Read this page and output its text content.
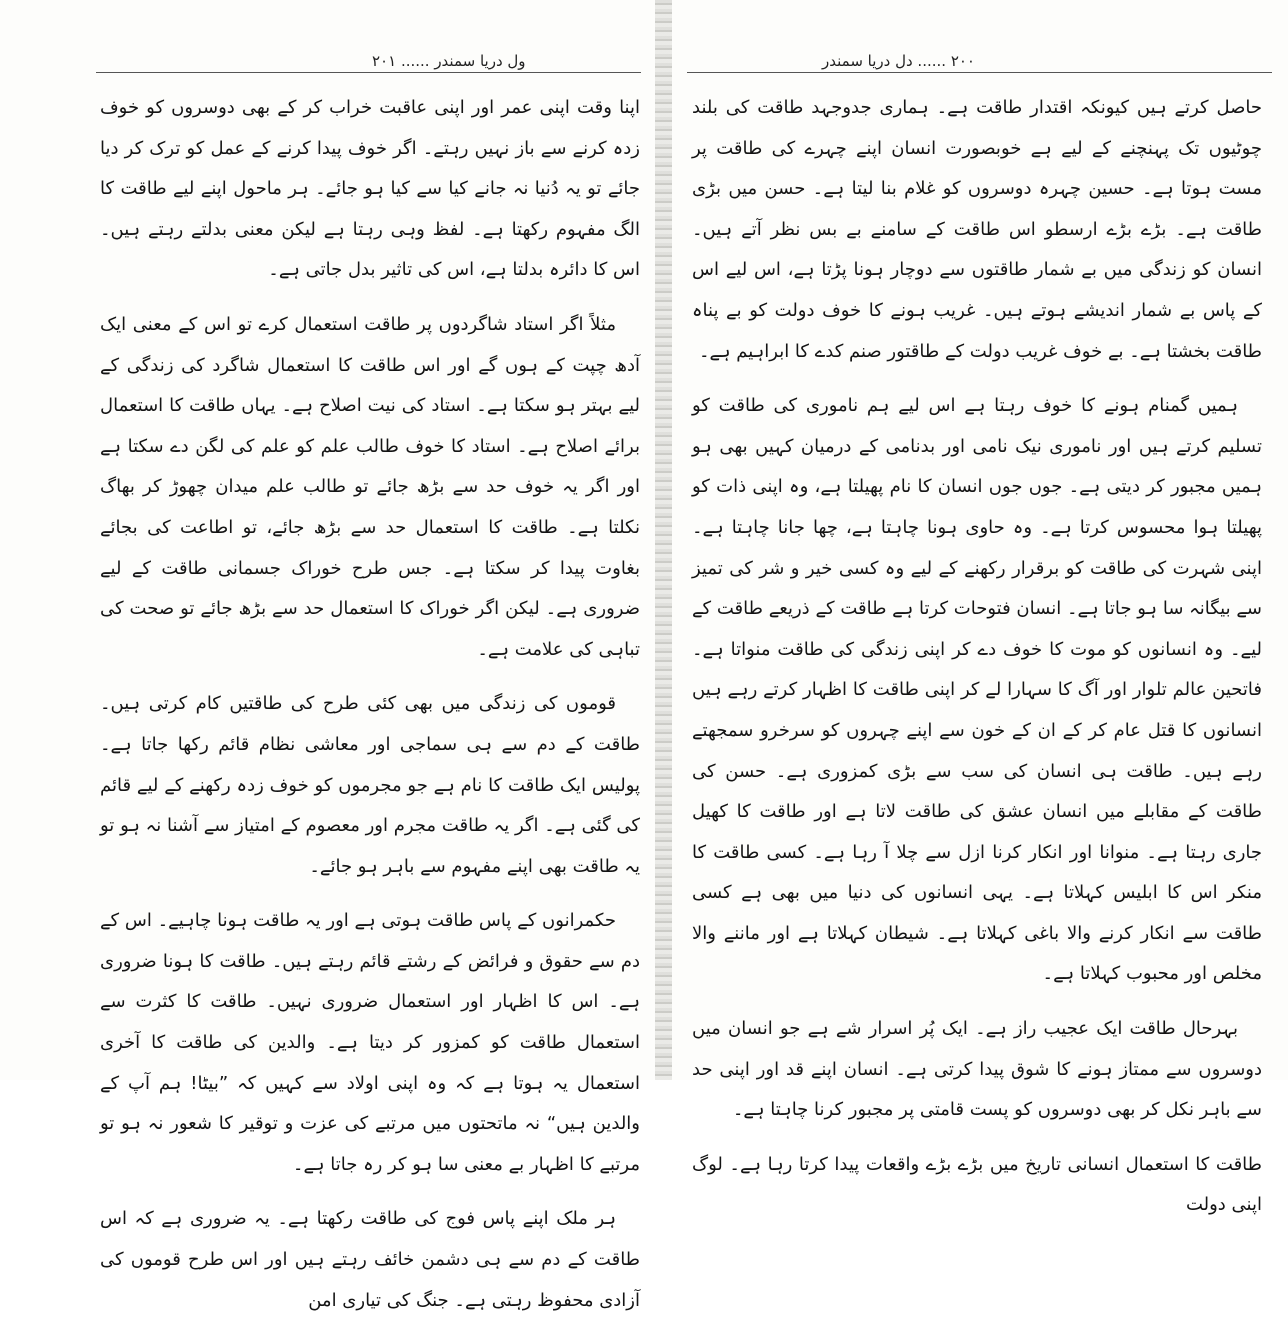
ول دریا سمندر ...... ۲۰۱

اپنا وقت اپنی عمر اور اپنی عاقبت خراب کر کے بھی دوسروں کو خوف زدہ کرنے سے باز نہیں رہتے۔ اگر خوف پیدا کرنے کے عمل کو ترک کر دیا جائے تو یہ دُنیا نہ جانے کیا سے کیا ہو جائے۔ ہر ماحول اپنے لیے طاقت کا الگ مفہوم رکھتا ہے۔ لفظ وہی رہتا ہے لیکن معنی بدلتے رہتے ہیں۔ اس کا دائرہ بدلتا ہے، اس کی تاثیر بدل جاتی ہے۔

مثلاً اگر استاد شاگردوں پر طاقت استعمال کرے تو اس کے معنی ایک آدھ چپت کے ہوں گے اور اس طاقت کا استعمال شاگرد کی زندگی کے لیے بہتر ہو سکتا ہے۔ استاد کی نیت اصلاح ہے۔ یہاں طاقت کا استعمال برائے اصلاح ہے۔ استاد کا خوف طالب علم کو علم کی لگن دے سکتا ہے اور اگر یہ خوف حد سے بڑھ جائے تو طالب علم میدان چھوڑ کر بھاگ نکلتا ہے۔ طاقت کا استعمال حد سے بڑھ جائے، تو اطاعت کی بجائے بغاوت پیدا کر سکتا ہے۔ جس طرح خوراک جسمانی طاقت کے لیے ضروری ہے۔ لیکن اگر خوراک کا استعمال حد سے بڑھ جائے تو صحت کی تباہی کی علامت ہے۔

قوموں کی زندگی میں بھی کئی طرح کی طاقتیں کام کرتی ہیں۔ طاقت کے دم سے ہی سماجی اور معاشی نظام قائم رکھا جاتا ہے۔ پولیس ایک طاقت کا نام ہے جو مجرموں کو خوف زدہ رکھنے کے لیے قائم کی گئی ہے۔ اگر یہ طاقت مجرم اور معصوم کے امتیاز سے آشنا نہ ہو تو یہ طاقت بھی اپنے مفہوم سے باہر ہو جائے۔

حکمرانوں کے پاس طاقت ہوتی ہے اور یہ طاقت ہونا چاہیے۔ اس کے دم سے حقوق و فرائض کے رشتے قائم رہتے ہیں۔ طاقت کا ہونا ضروری ہے۔ اس کا اظہار اور استعمال ضروری نہیں۔ طاقت کا کثرت سے استعمال طاقت کو کمزور کر دیتا ہے۔ والدین کی طاقت کا آخری استعمال یہ ہوتا ہے کہ وہ اپنی اولاد سے کہیں کہ ”بیٹا! ہم آپ کے والدین ہیں“ نہ ماتحتوں میں مرتبے کی عزت و توقیر کا شعور نہ ہو تو مرتبے کا اظہار بے معنی سا ہو کر رہ جاتا ہے۔

ہر ملک اپنے پاس فوج کی طاقت رکھتا ہے۔ یہ ضروری ہے کہ اس طاقت کے دم سے ہی دشمن خائف رہتے ہیں اور اس طرح قوموں کی آزادی محفوظ رہتی ہے۔ جنگ کی تیاری امن

۲۰۰ ...... دل دریا سمندر

حاصل کرتے ہیں کیونکہ اقتدار طاقت ہے۔ ہماری جدوجہد طاقت کی بلند چوٹیوں تک پہنچنے کے لیے ہے خوبصورت انسان اپنے چہرے کی طاقت پر مست ہوتا ہے۔ حسین چہرہ دوسروں کو غلام بنا لیتا ہے۔ حسن میں بڑی طاقت ہے۔ بڑے بڑے ارسطو اس طاقت کے سامنے بے بس نظر آتے ہیں۔ انسان کو زندگی میں بے شمار طاقتوں سے دوچار ہونا پڑتا ہے، اس لیے اس کے پاس بے شمار اندیشے ہوتے ہیں۔ غریب ہونے کا خوف دولت کو بے پناہ طاقت بخشتا ہے۔ بے خوف غریب دولت کے طاقتور صنم کدے کا ابراہیم ہے۔

ہمیں گمنام ہونے کا خوف رہتا ہے اس لیے ہم ناموری کی طاقت کو تسلیم کرتے ہیں اور ناموری نیک نامی اور بدنامی کے درمیان کہیں بھی ہو ہمیں مجبور کر دیتی ہے۔ جوں جوں انسان کا نام پھیلتا ہے، وہ اپنی ذات کو پھیلتا ہوا محسوس کرتا ہے۔ وہ حاوی ہونا چاہتا ہے، چھا جانا چاہتا ہے۔ اپنی شہرت کی طاقت کو برقرار رکھنے کے لیے وہ کسی خیر و شر کی تمیز سے بیگانہ سا ہو جاتا ہے۔ انسان فتوحات کرتا ہے طاقت کے ذریعے طاقت کے لیے۔ وہ انسانوں کو موت کا خوف دے کر اپنی زندگی کی طاقت منواتا ہے۔ فاتحین عالم تلوار اور آگ کا سہارا لے کر اپنی طاقت کا اظہار کرتے رہے ہیں انسانوں کا قتل عام کر کے ان کے خون سے اپنے چہروں کو سرخرو سمجھتے رہے ہیں۔ طاقت ہی انسان کی سب سے بڑی کمزوری ہے۔ حسن کی طاقت کے مقابلے میں انسان عشق کی طاقت لاتا ہے اور طاقت کا کھیل جاری رہتا ہے۔ منوانا اور انکار کرنا ازل سے چلا آ رہا ہے۔ کسی طاقت کا منکر اس کا ابلیس کہلاتا ہے۔ یہی انسانوں کی دنیا میں بھی ہے کسی طاقت سے انکار کرنے والا باغی کہلاتا ہے۔ شیطان کہلاتا ہے اور ماننے والا مخلص اور محبوب کہلاتا ہے۔

بہرحال طاقت ایک عجیب راز ہے۔ ایک پُر اسرار شے ہے جو انسان میں دوسروں سے ممتاز ہونے کا شوق پیدا کرتی ہے۔ انسان اپنے قد اور اپنی حد سے باہر نکل کر بھی دوسروں کو پست قامتی پر مجبور کرنا چاہتا ہے۔

طاقت کا استعمال انسانی تاریخ میں بڑے بڑے واقعات پیدا کرتا رہا ہے۔ لوگ اپنی دولت
